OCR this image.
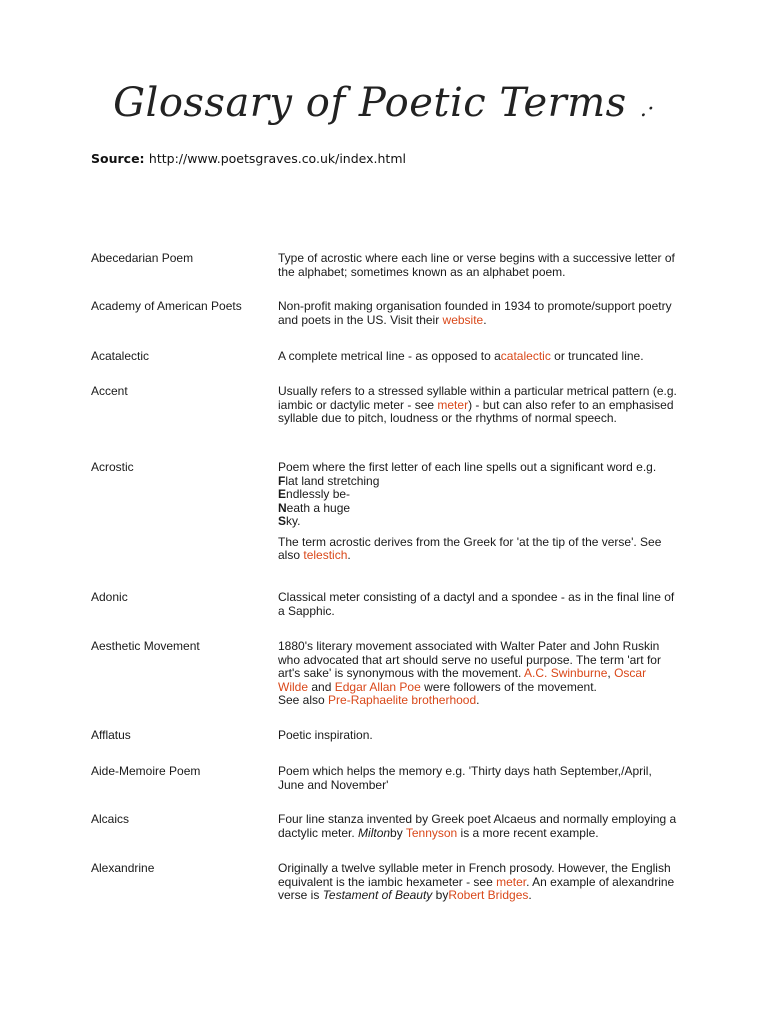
Glossary of Poetic Terms .·
Source: http://www.poetsgraves.co.uk/index.html
Abecedarian Poem	Type of acrostic where each line or verse begins with a successive letter of the alphabet; sometimes known as an alphabet poem.

Academy of American Poets	Non-profit making organisation founded in 1934 to promote/support poetry and poets in the US. Visit their website.

Acatalectic	A complete metrical line - as opposed to acatalectic or truncated line.

Accent	Usually refers to a stressed syllable within a particular metrical pattern (e.g. iambic or dactylic meter - see meter) - but can also refer to an emphasised syllable due to pitch, loudness or the rhythms of normal speech.

Acrostic	Poem where the first letter of each line spells out a significant word e.g.
Flat land stretching
Endlessly be-
Neath a huge
Sky.

The term acrostic derives from the Greek for 'at the tip of the verse'. See also telestich.

Adonic	Classical meter consisting of a dactyl and a spondee - as in the final line of a Sapphic.

Aesthetic Movement	1880's literary movement associated with Walter Pater and John Ruskin who advocated that art should serve no useful purpose. The term 'art for art's sake' is synonymous with the movement. A.C. Swinburne, Oscar Wilde and Edgar Allan Poe were followers of the movement.
See also Pre-Raphaelite brotherhood.

Afflatus	Poetic inspiration.

Aide-Memoire Poem	Poem which helps the memory e.g. 'Thirty days hath September,/April, June and November'

Alcaics	Four line stanza invented by Greek poet Alcaeus and normally employing a dactylic meter. Miltonby Tennyson is a more recent example.

Alexandrine	Originally a twelve syllable meter in French prosody. However, the English equivalent is the iambic hexameter - see meter. An example of alexandrine verse is Testament of Beauty byRobert Bridges.
